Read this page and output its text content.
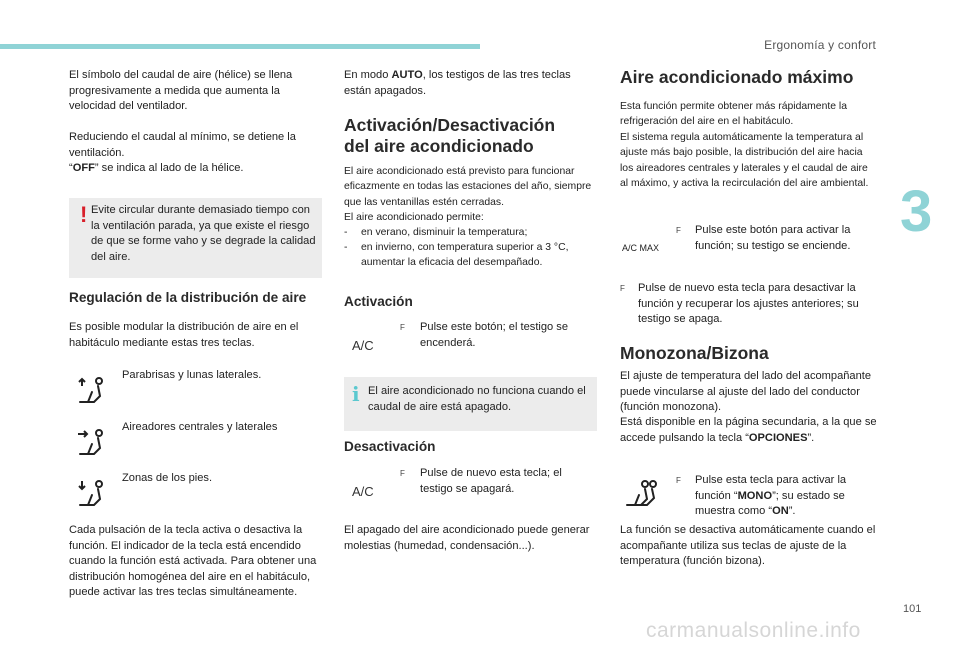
Ergonomía y confort
3
101
carmanualsonline.info

El símbolo del caudal de aire (hélice) se llena progresivamente a medida que aumenta la velocidad del ventilador.

Reduciendo el caudal al mínimo, se detiene la ventilación.

“OFF” se indica al lado de la hélice.

! Evite circular durante demasiado tiempo con la ventilación parada, ya que existe el riesgo de que se forme vaho y se degrade la calidad del aire.

Regulación de la distribución de aire

Es posible modular la distribución de aire en el habitáculo mediante estas tres teclas.

Parabrisas y lunas laterales.
Aireadores centrales y laterales
Zonas de los pies.

Cada pulsación de la tecla activa o desactiva la función. El indicador de la tecla está encendido cuando la función está activada. Para obtener una distribución homogénea del aire en el habitáculo, puede activar las tres teclas simultáneamente.

En modo AUTO, los testigos de las tres teclas están apagados.

Activación/Desactivación
del aire acondicionado

El aire acondicionado está previsto para funcionar eficazmente en todas las estaciones del año, siempre que las ventanillas estén cerradas.

El aire acondicionado permite:

- en verano, disminuir la temperatura;

- en invierno, con temperatura superior a 3 °C, aumentar la eficacia del desempañado.

Activación
A/C
F Pulse este botón; el testigo se encenderá.

i El aire acondicionado no funciona cuando el caudal de aire está apagado.

Desactivación
A/C
F Pulse de nuevo esta tecla; el testigo se apagará.

El apagado del aire acondicionado puede generar molestias (humedad, condensación...).

Aire acondicionado máximo

Esta función permite obtener más rápidamente la refrigeración del aire en el habitáculo.

El sistema regula automáticamente la temperatura al ajuste más bajo posible, la distribución del aire hacia los aireadores centrales y laterales y el caudal de aire al máximo, y activa la recirculación del aire ambiental.

A/C MAX
F Pulse este botón para activar la función; su testigo se enciende.

F Pulse de nuevo esta tecla para desactivar la función y recuperar los ajustes anteriores; su testigo se apaga.

Monozona/Bizona

El ajuste de temperatura del lado del acompañante puede vincularse al ajuste del lado del conductor (función monozona).

Está disponible en la página secundaria, a la que se accede pulsando la tecla “OPCIONES”.

F Pulse esta tecla para activar la función “MONO”; su estado se muestra como “ON”.

La función se desactiva automáticamente cuando el acompañante utiliza sus teclas de ajuste de la temperatura (función bizona).
